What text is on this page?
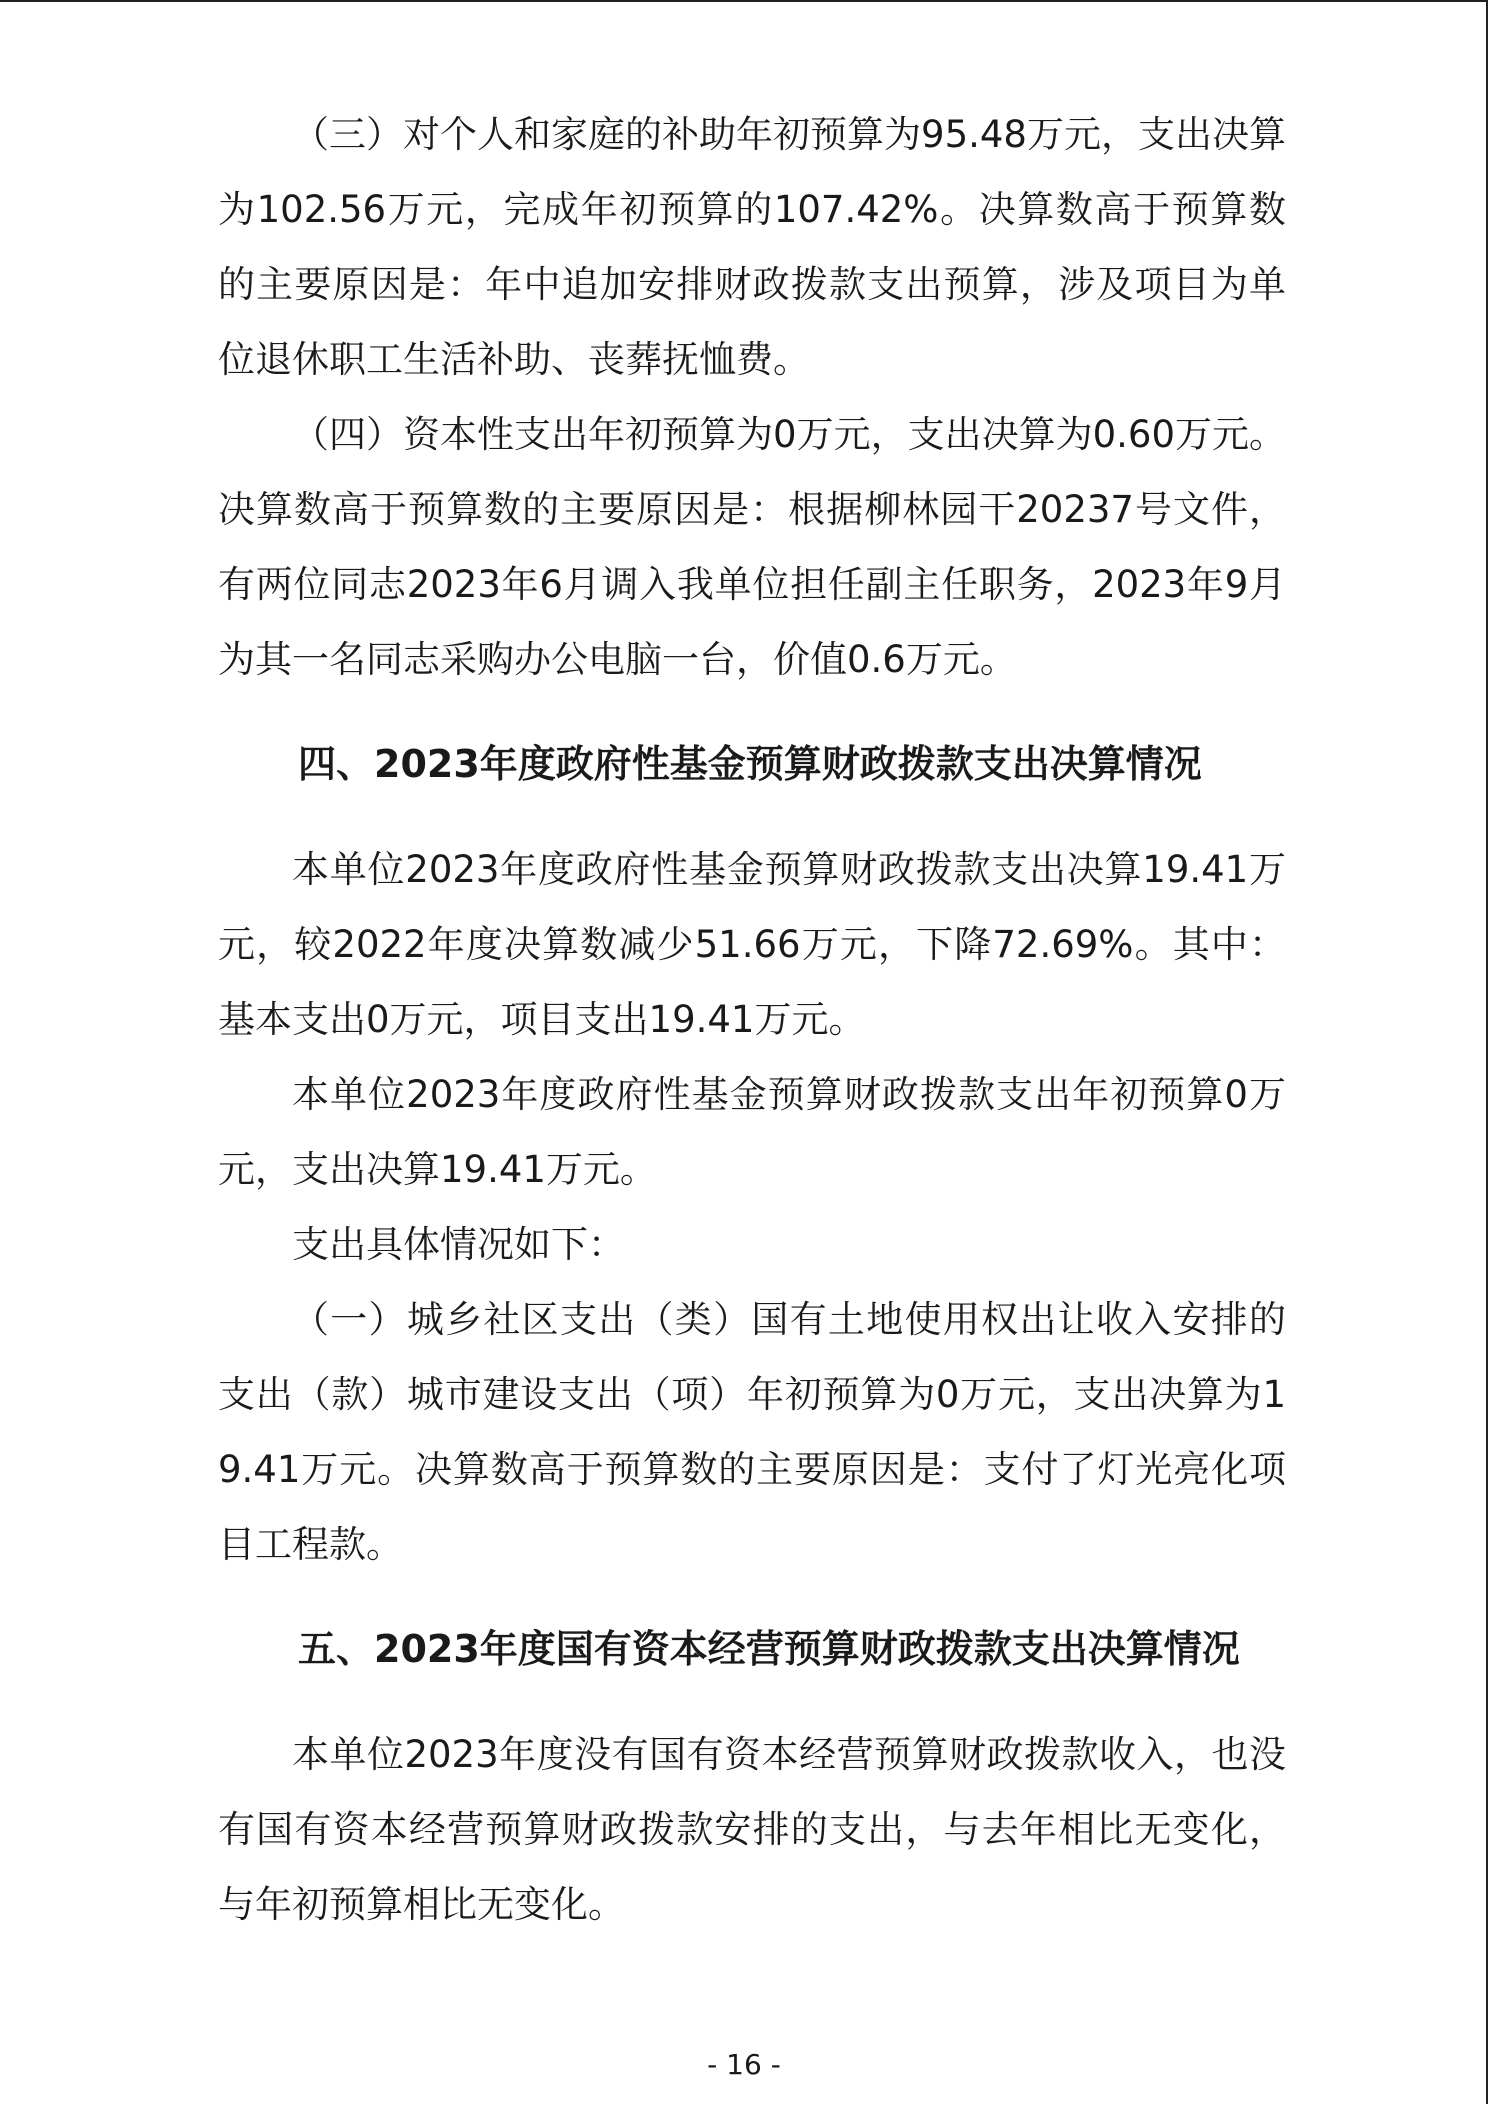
（三）对个人和家庭的补助年初预算为95.48万元，支出决算为102.56万元，完成年初预算的107.42%。决算数高于预算数的主要原因是：年中追加安排财政拨款支出预算，涉及项目为单位退休职工生活补助、丧葬抚恤费。

（四）资本性支出年初预算为0万元，支出决算为0.60万元。决算数高于预算数的主要原因是：根据柳林园干20237号文件，有两位同志2023年6月调入我单位担任副主任职务，2023年9月为其一名同志采购办公电脑一台，价值0.6万元。

四、2023年度政府性基金预算财政拨款支出决算情况

本单位2023年度政府性基金预算财政拨款支出决算19.41万元，较2022年度决算数减少51.66万元，下降72.69%。其中：基本支出0万元，项目支出19.41万元。

本单位2023年度政府性基金预算财政拨款支出年初预算0万元，支出决算19.41万元。

支出具体情况如下：

（一）城乡社区支出（类）国有土地使用权出让收入安排的支出（款）城市建设支出（项）年初预算为0万元，支出决算为19.41万元。决算数高于预算数的主要原因是：支付了灯光亮化项目工程款。

五、2023年度国有资本经营预算财政拨款支出决算情况

本单位2023年度没有国有资本经营预算财政拨款收入，也没有国有资本经营预算财政拨款安排的支出，与去年相比无变化，与年初预算相比无变化。

- 16 -
